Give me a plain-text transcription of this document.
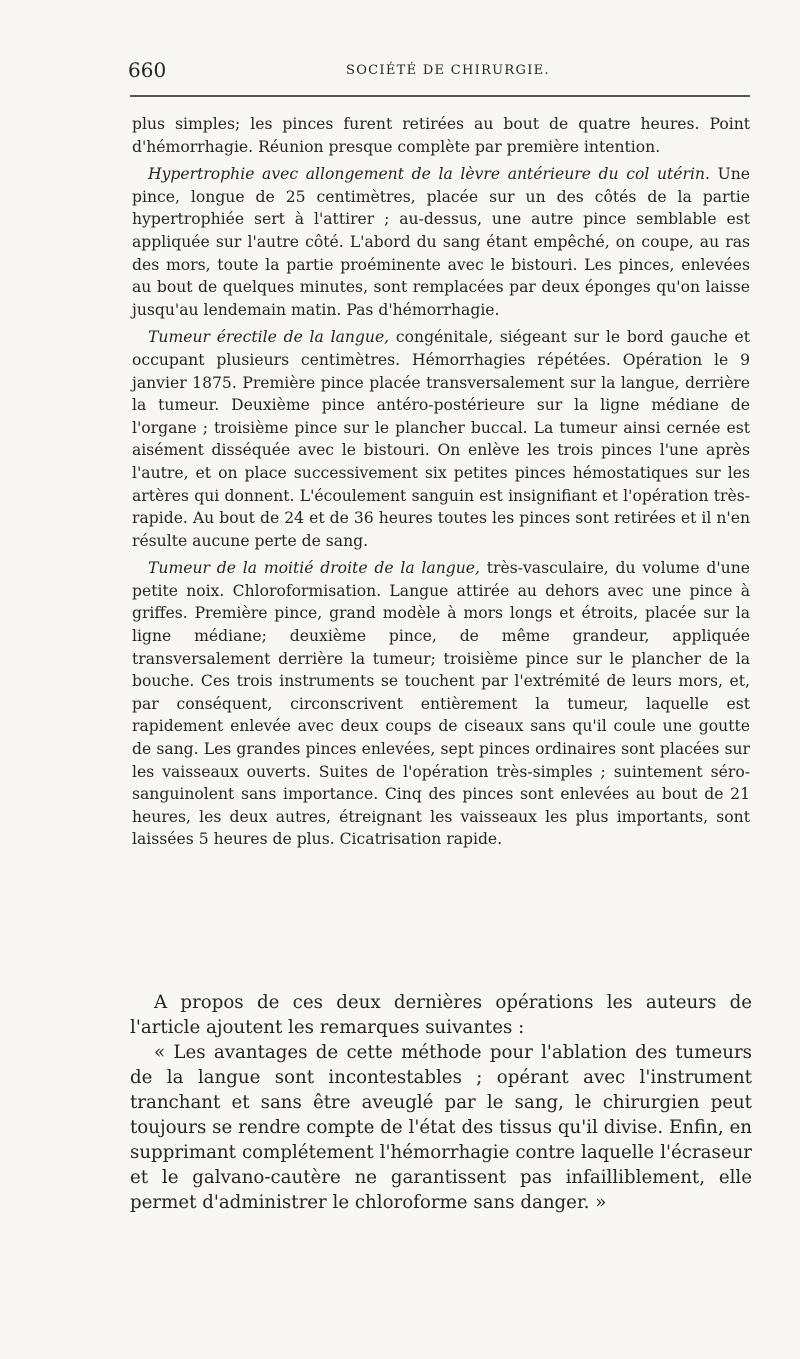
660	SOCIÉTÉ DE CHIRURGIE.

plus simples; les pinces furent retirées au bout de quatre heures. Point d'hémorrhagie. Réunion presque complète par première intention.

Hypertrophie avec allongement de la lèvre antérieure du col utérin. Une pince, longue de 25 centimètres, placée sur un des côtés de la partie hypertrophiée sert à l'attirer ; au-dessus, une autre pince semblable est appliquée sur l'autre côté. L'abord du sang étant empêché, on coupe, au ras des mors, toute la partie proéminente avec le bistouri. Les pinces, enlevées au bout de quelques minutes, sont remplacées par deux éponges qu'on laisse jusqu'au lendemain matin. Pas d'hémorrhagie.

Tumeur érectile de la langue, congénitale, siégeant sur le bord gauche et occupant plusieurs centimètres. Hémorrhagies répétées. Opération le 9 janvier 1875. Première pince placée transversalement sur la langue, derrière la tumeur. Deuxième pince antéro-postérieure sur la ligne médiane de l'organe ; troisième pince sur le plancher buccal. La tumeur ainsi cernée est aisément disséquée avec le bistouri. On enlève les trois pinces l'une après l'autre, et on place successivement six petites pinces hémostatiques sur les artères qui donnent. L'écoulement sanguin est insignifiant et l'opération très-rapide. Au bout de 24 et de 36 heures toutes les pinces sont retirées et il n'en résulte aucune perte de sang.

Tumeur de la moitié droite de la langue, très-vasculaire, du volume d'une petite noix. Chloroformisation. Langue attirée au dehors avec une pince à griffes. Première pince, grand modèle à mors longs et étroits, placée sur la ligne médiane; deuxième pince, de même grandeur, appliquée transversalement derrière la tumeur; troisième pince sur le plancher de la bouche. Ces trois instruments se touchent par l'extrémité de leurs mors, et, par conséquent, circonscrivent entièrement la tumeur, laquelle est rapidement enlevée avec deux coups de ciseaux sans qu'il coule une goutte de sang. Les grandes pinces enlevées, sept pinces ordinaires sont placées sur les vaisseaux ouverts. Suites de l'opération très-simples ; suintement séro-sanguinolent sans importance. Cinq des pinces sont enlevées au bout de 21 heures, les deux autres, étreignant les vaisseaux les plus importants, sont laissées 5 heures de plus. Cicatrisation rapide.

A propos de ces deux dernières opérations les auteurs de l'article ajoutent les remarques suivantes :

« Les avantages de cette méthode pour l'ablation des tumeurs de la langue sont incontestables ; opérant avec l'instrument tranchant et sans être aveuglé par le sang, le chirurgien peut toujours se rendre compte de l'état des tissus qu'il divise. Enfin, en supprimant complétement l'hémorrhagie contre laquelle l'écraseur et le galvano-cautère ne garantissent pas infailliblement, elle permet d'administrer le chloroforme sans danger. »
